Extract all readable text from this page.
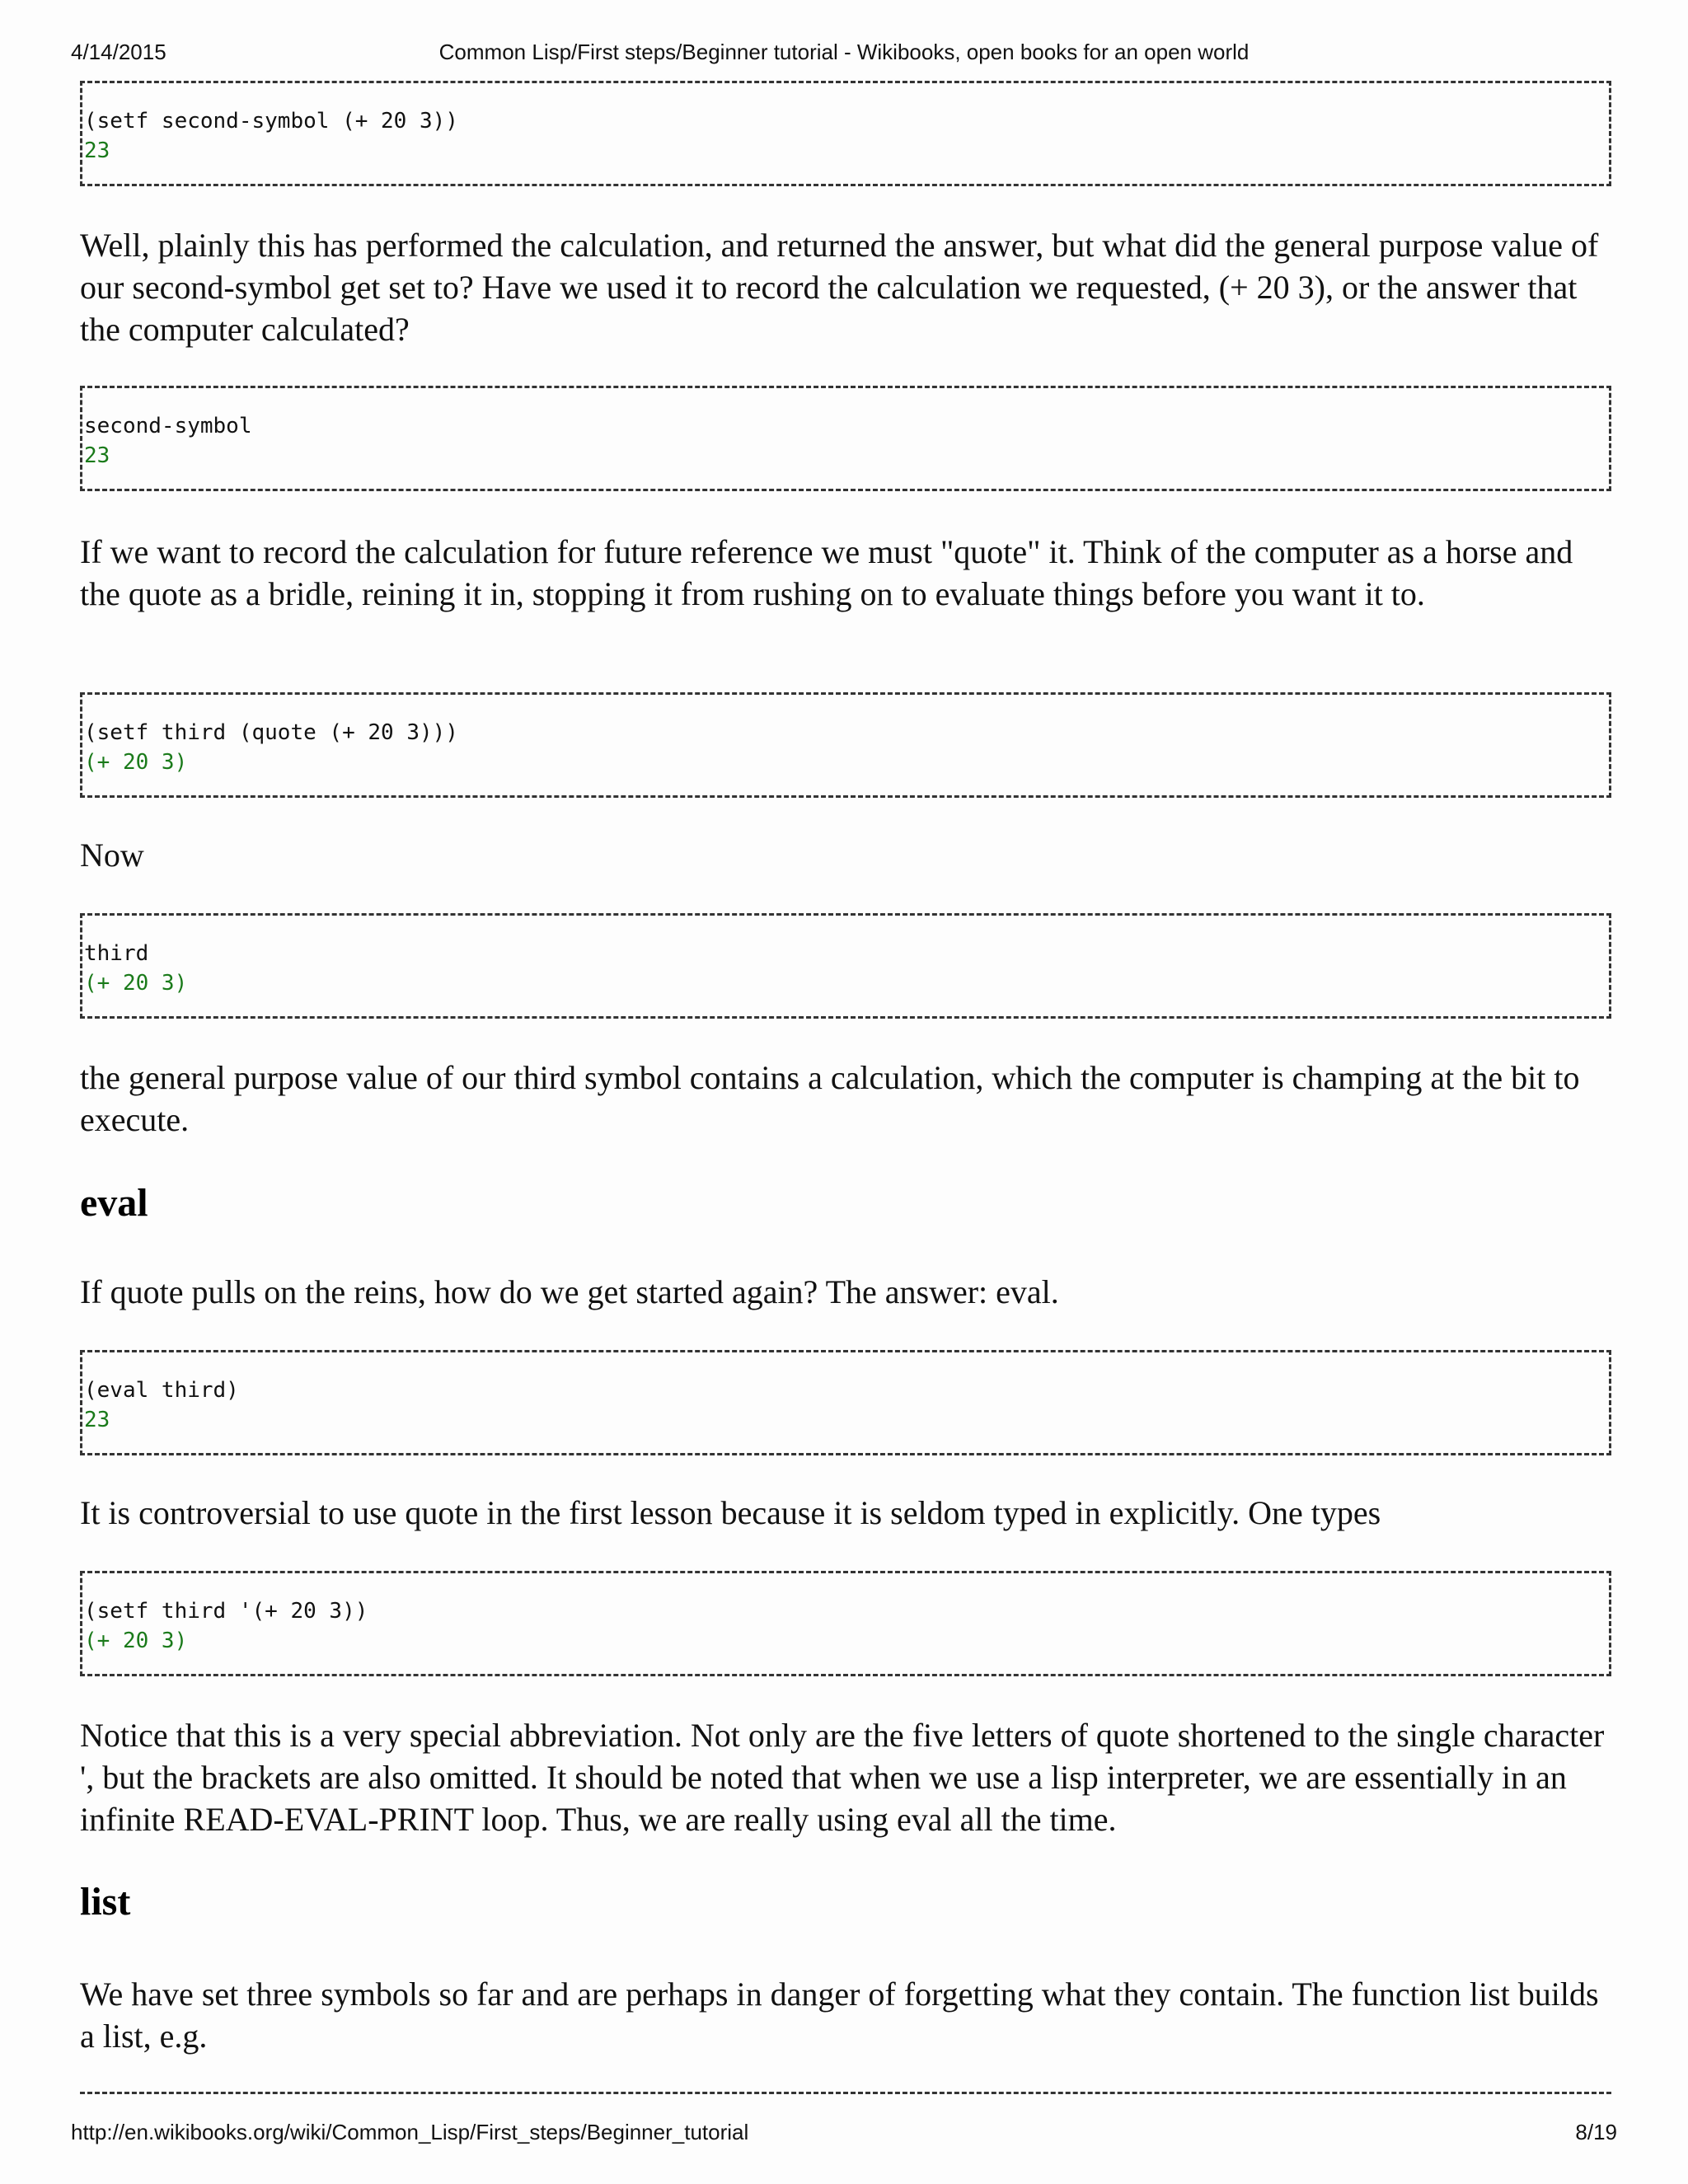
4/14/2015	Common Lisp/First steps/Beginner tutorial - Wikibooks, open books for an open world
(setf second-symbol (+ 20 3))
23
Well, plainly this has performed the calculation, and returned the answer, but what did the general purpose value of our second-symbol get set to? Have we used it to record the calculation we requested, (+ 20 3), or the answer that the computer calculated?
second-symbol
23
If we want to record the calculation for future reference we must "quote" it. Think of the computer as a horse and the quote as a bridle, reining it in, stopping it from rushing on to evaluate things before you want it to.
(setf third (quote (+ 20 3)))
(+ 20 3)
Now
third
(+ 20 3)
the general purpose value of our third symbol contains a calculation, which the computer is champing at the bit to execute.
eval
If quote pulls on the reins, how do we get started again? The answer: eval.
(eval third)
23
It is controversial to use quote in the first lesson because it is seldom typed in explicitly. One types
(setf third '(+ 20 3))
(+ 20 3)
Notice that this is a very special abbreviation. Not only are the five letters of quote shortened to the single character ', but the brackets are also omitted. It should be noted that when we use a lisp interpreter, we are essentially in an infinite READ-EVAL-PRINT loop. Thus, we are really using eval all the time.
list
We have set three symbols so far and are perhaps in danger of forgetting what they contain. The function list builds a list, e.g.
http://en.wikibooks.org/wiki/Common_Lisp/First_steps/Beginner_tutorial	8/19
